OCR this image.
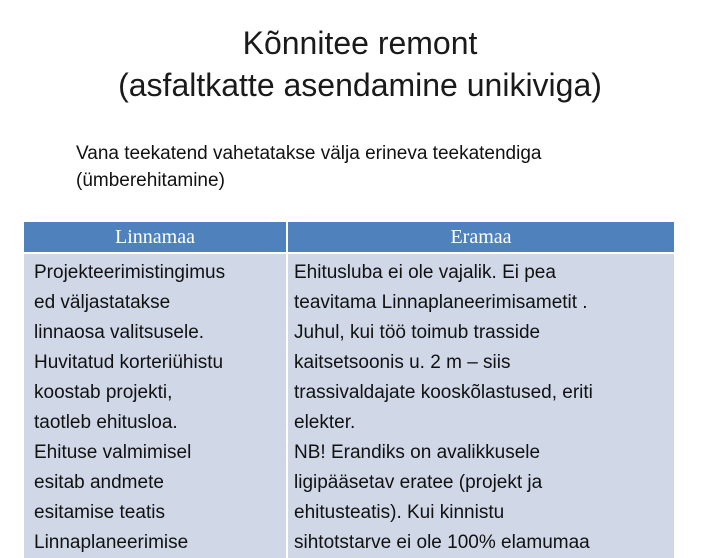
Kõnnitee remont
(asfaltkatte asendamine unikiviga)
Vana teekatend vahetatakse välja erineva teekatendiga
(ümberehitamine)
Linnamaa
Projekteerimistingimus
ed väljastatakse
linnaosa valitsusele.
Huvitatud korteriühistu
koostab projekti,
taotleb ehitusloa.
Ehituse valmimisel
esitab andmete
esitamise teatis
Linnaplaneerimise
Eramaa
Ehitusluba ei ole vajalik. Ei pea
teavitama Linnaplaneerimisametit .
Juhul, kui töö toimub trasside
kaitsetsoonis u. 2 m – siis
trassivaldajate kooskõlastused, eriti
elekter.
NB! Erandiks on avalikkusele
ligipääsetav eratee (projekt ja
ehitusteatis). Kui kinnistu
sihtotstarve ei ole 100% elamumaa
